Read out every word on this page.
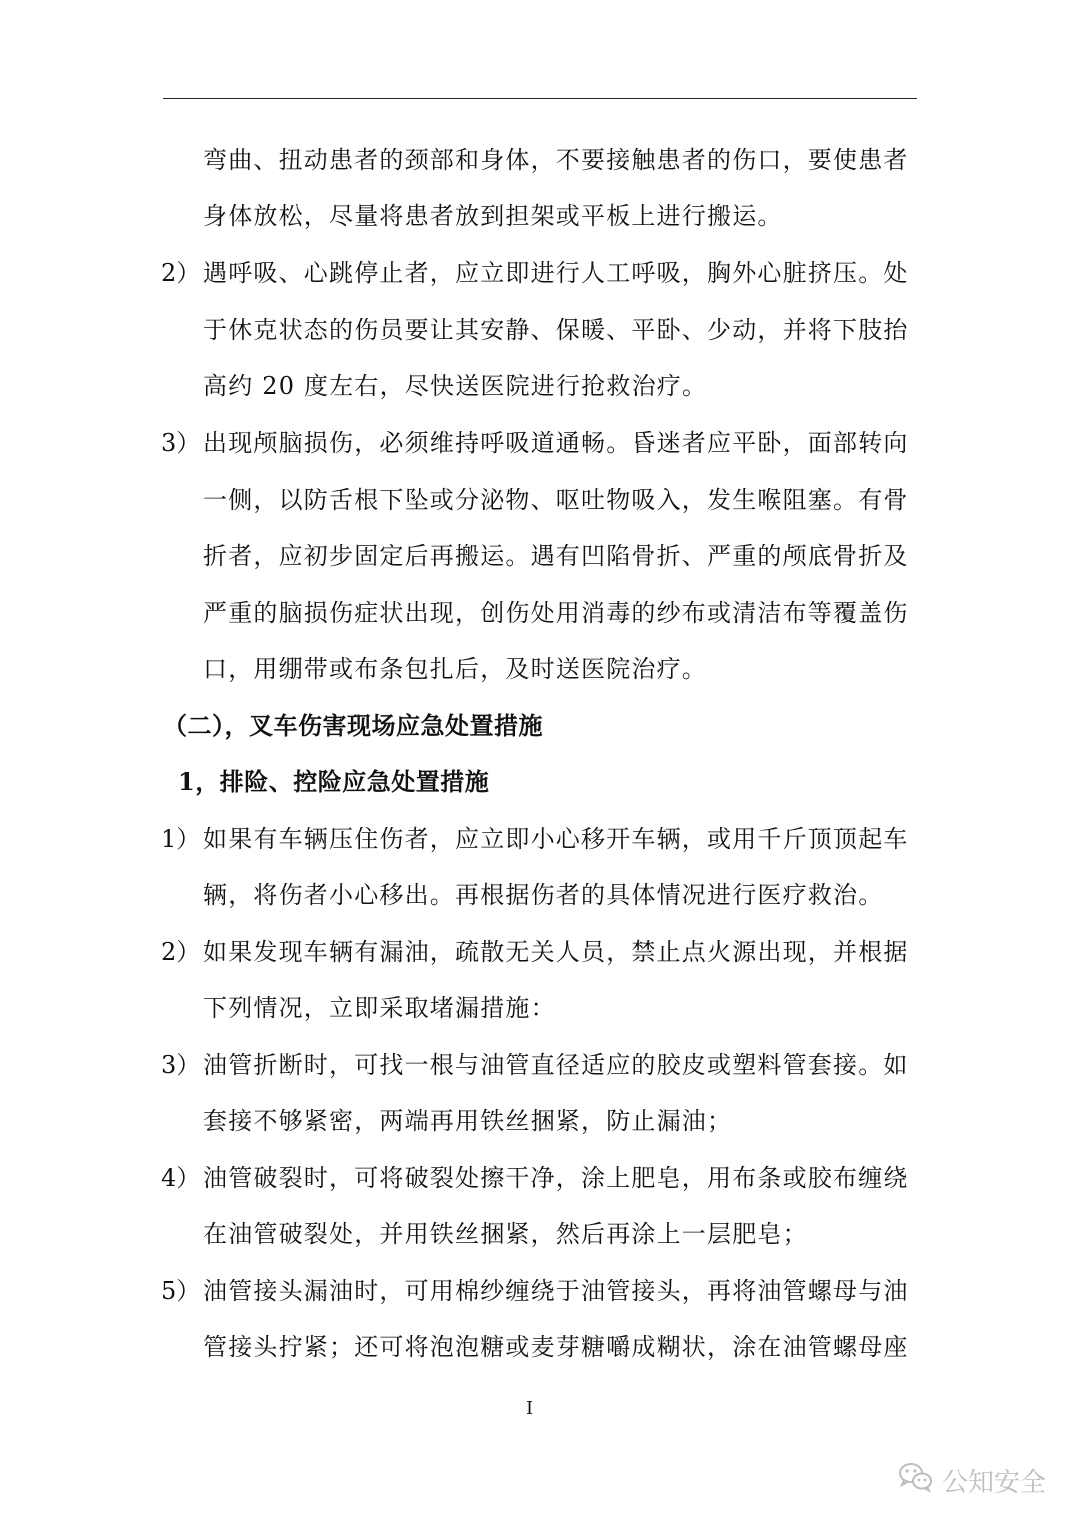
弯曲、扭动患者的颈部和身体，不要接触患者的伤口，要使患者
身体放松，尽量将患者放到担架或平板上进行搬运。
2） 遇呼吸、心跳停止者，应立即进行人工呼吸，胸外心脏挤压。处
于休克状态的伤员要让其安静、保暖、平卧、少动，并将下肢抬
高约 20 度左右，尽快送医院进行抢救治疗。
3） 出现颅脑损伤，必须维持呼吸道通畅。昏迷者应平卧，面部转向
一侧，以防舌根下坠或分泌物、呕吐物吸入，发生喉阻塞。有骨
折者，应初步固定后再搬运。遇有凹陷骨折、严重的颅底骨折及
严重的脑损伤症状出现，创伤处用消毒的纱布或清洁布等覆盖伤
口，用绷带或布条包扎后，及时送医院治疗。
（二），叉车伤害现场应急处置措施
1，排险、控险应急处置措施
1） 如果有车辆压住伤者，应立即小心移开车辆，或用千斤顶顶起车
辆，将伤者小心移出。再根据伤者的具体情况进行医疗救治。
2） 如果发现车辆有漏油，疏散无关人员，禁止点火源出现，并根据
下列情况，立即采取堵漏措施：
3） 油管折断时，可找一根与油管直径适应的胶皮或塑料管套接。如
套接不够紧密，两端再用铁丝捆紧，防止漏油；
4） 油管破裂时，可将破裂处擦干净，涂上肥皂，用布条或胶布缠绕
在油管破裂处，并用铁丝捆紧，然后再涂上一层肥皂；
5） 油管接头漏油时，可用棉纱缠绕于油管接头，再将油管螺母与油
管接头拧紧；还可将泡泡糖或麦芽糖嚼成糊状，涂在油管螺母座
I
公知安全
